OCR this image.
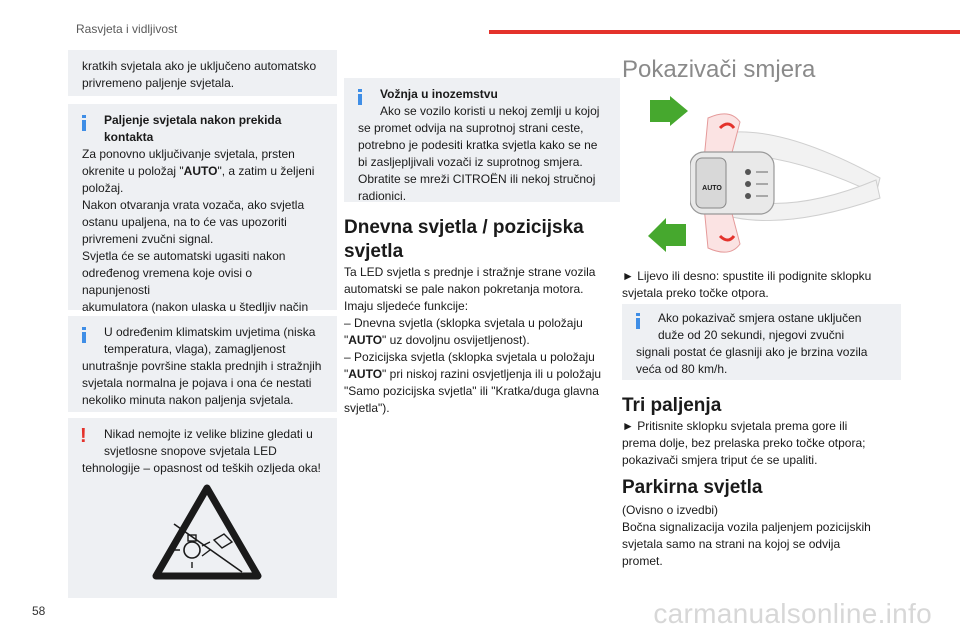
Rasvjeta i vidljivost

kratkih svjetala ako je uključeno automatsko

privremeno paljenje svjetala.

Paljenje svjetala nakon prekida

kontakta

Za ponovno uključivanje svjetala, prsten

okrenite u položaj "AUTO", a zatim u željeni

položaj.

Nakon otvaranja vrata vozača, ako svjetla

ostanu upaljena, na to će vas upozoriti

privremeni zvučni signal.

Svjetla će se automatski ugasiti nakon

određenog vremena koje ovisi o napunjenosti

akumulatora (nakon ulaska u štedljiv način

U određenim klimatskim uvjetima (niska

temperatura, vlaga), zamagljenost

unutrašnje površine stakla prednjih i stražnjih

svjetala normalna je pojava i ona će nestati

nekoliko minuta nakon paljenja svjetala.

!	Nikad nemojte iz velike blizine gledati u

svjetlosne snopove svjetala LED

tehnologije – opasnost od teških ozljeda oka!

Vožnja u inozemstvu

Ako se vozilo koristi u nekoj zemlji u kojoj

se promet odvija na suprotnoj strani ceste,

potrebno je podesiti kratka svjetla kako se ne

bi zasljepljivali vozači iz suprotnog smjera.

Obratite se mreži CITROËN ili nekoj stručnoj

radionici.

Dnevna svjetla / pozicijska
svjetla

Ta LED svjetla s prednje i stražnje strane vozila

automatski se pale nakon pokretanja motora.

Imaju sljedeće funkcije:

– Dnevna svjetla (sklopka svjetala u položaju

"AUTO" uz dovoljnu osvijetljenost).

– Pozicijska svjetla (sklopka svjetala u položaju

"AUTO" pri niskoj razini osvjetljenja ili u položaju

"Samo pozicijska svjetla" ili "Kratka/duga glavna

svjetla").

Pokazivači smjera
AUTO

► Lijevo ili desno: spustite ili podignite sklopku

svjetala preko točke otpora.

Ako pokazivač smjera ostane uključen

duže od 20 sekundi, njegovi zvučni

signali postat će glasniji ako je brzina vozila

veća od 80 km/h.

Tri paljenja

► Pritisnite sklopku svjetala prema gore ili

prema dolje, bez prelaska preko točke otpora;

pokazivači smjera triput će se upaliti.

Parkirna svjetla

(Ovisno o izvedbi)

Bočna signalizacija vozila paljenjem pozicijskih

svjetala samo na strani na kojoj se odvija

promet.

58	carmanualsonline.info
